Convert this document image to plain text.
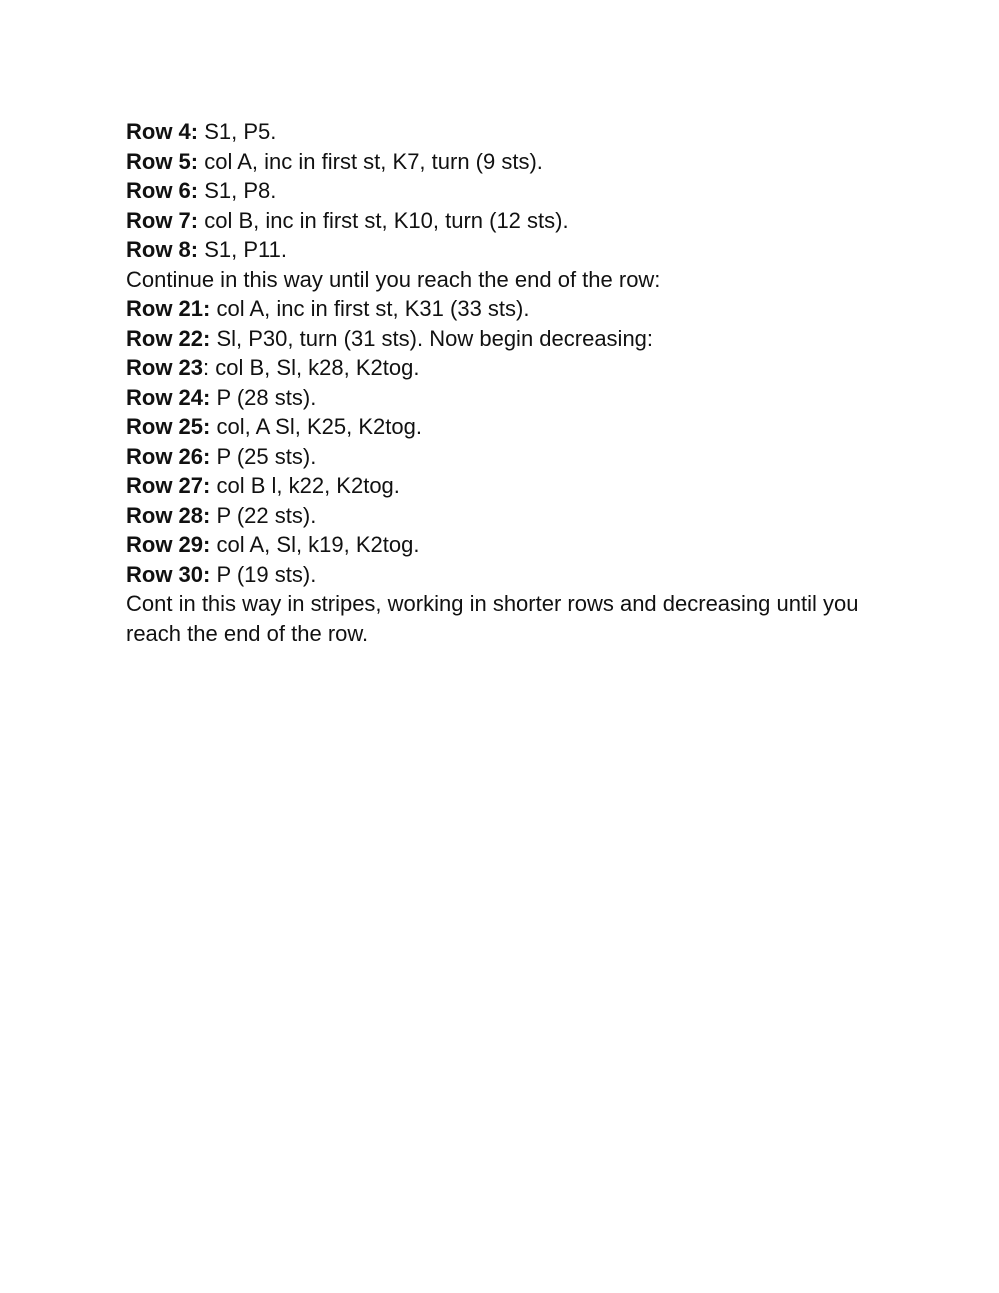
Row 4: S1, P5.

Row 5: col A, inc in first st, K7, turn (9 sts).

Row 6: S1, P8.

Row 7: col B, inc in first st, K10, turn (12 sts).

Row 8: S1, P11.

Continue in this way until you reach the end of the row:

Row 21: col A, inc in first st, K31 (33 sts).

Row 22: Sl, P30, turn (31 sts). Now begin decreasing:

Row 23: col B, Sl, k28, K2tog.

Row 24: P (28 sts).

Row 25: col, A Sl, K25, K2tog.

Row 26: P (25 sts).

Row 27: col B l, k22, K2tog.

Row 28: P (22 sts).

Row 29: col A, Sl, k19, K2tog.

Row 30: P (19 sts).

Cont in this way in stripes, working in shorter rows and decreasing until you reach the end of the row.
